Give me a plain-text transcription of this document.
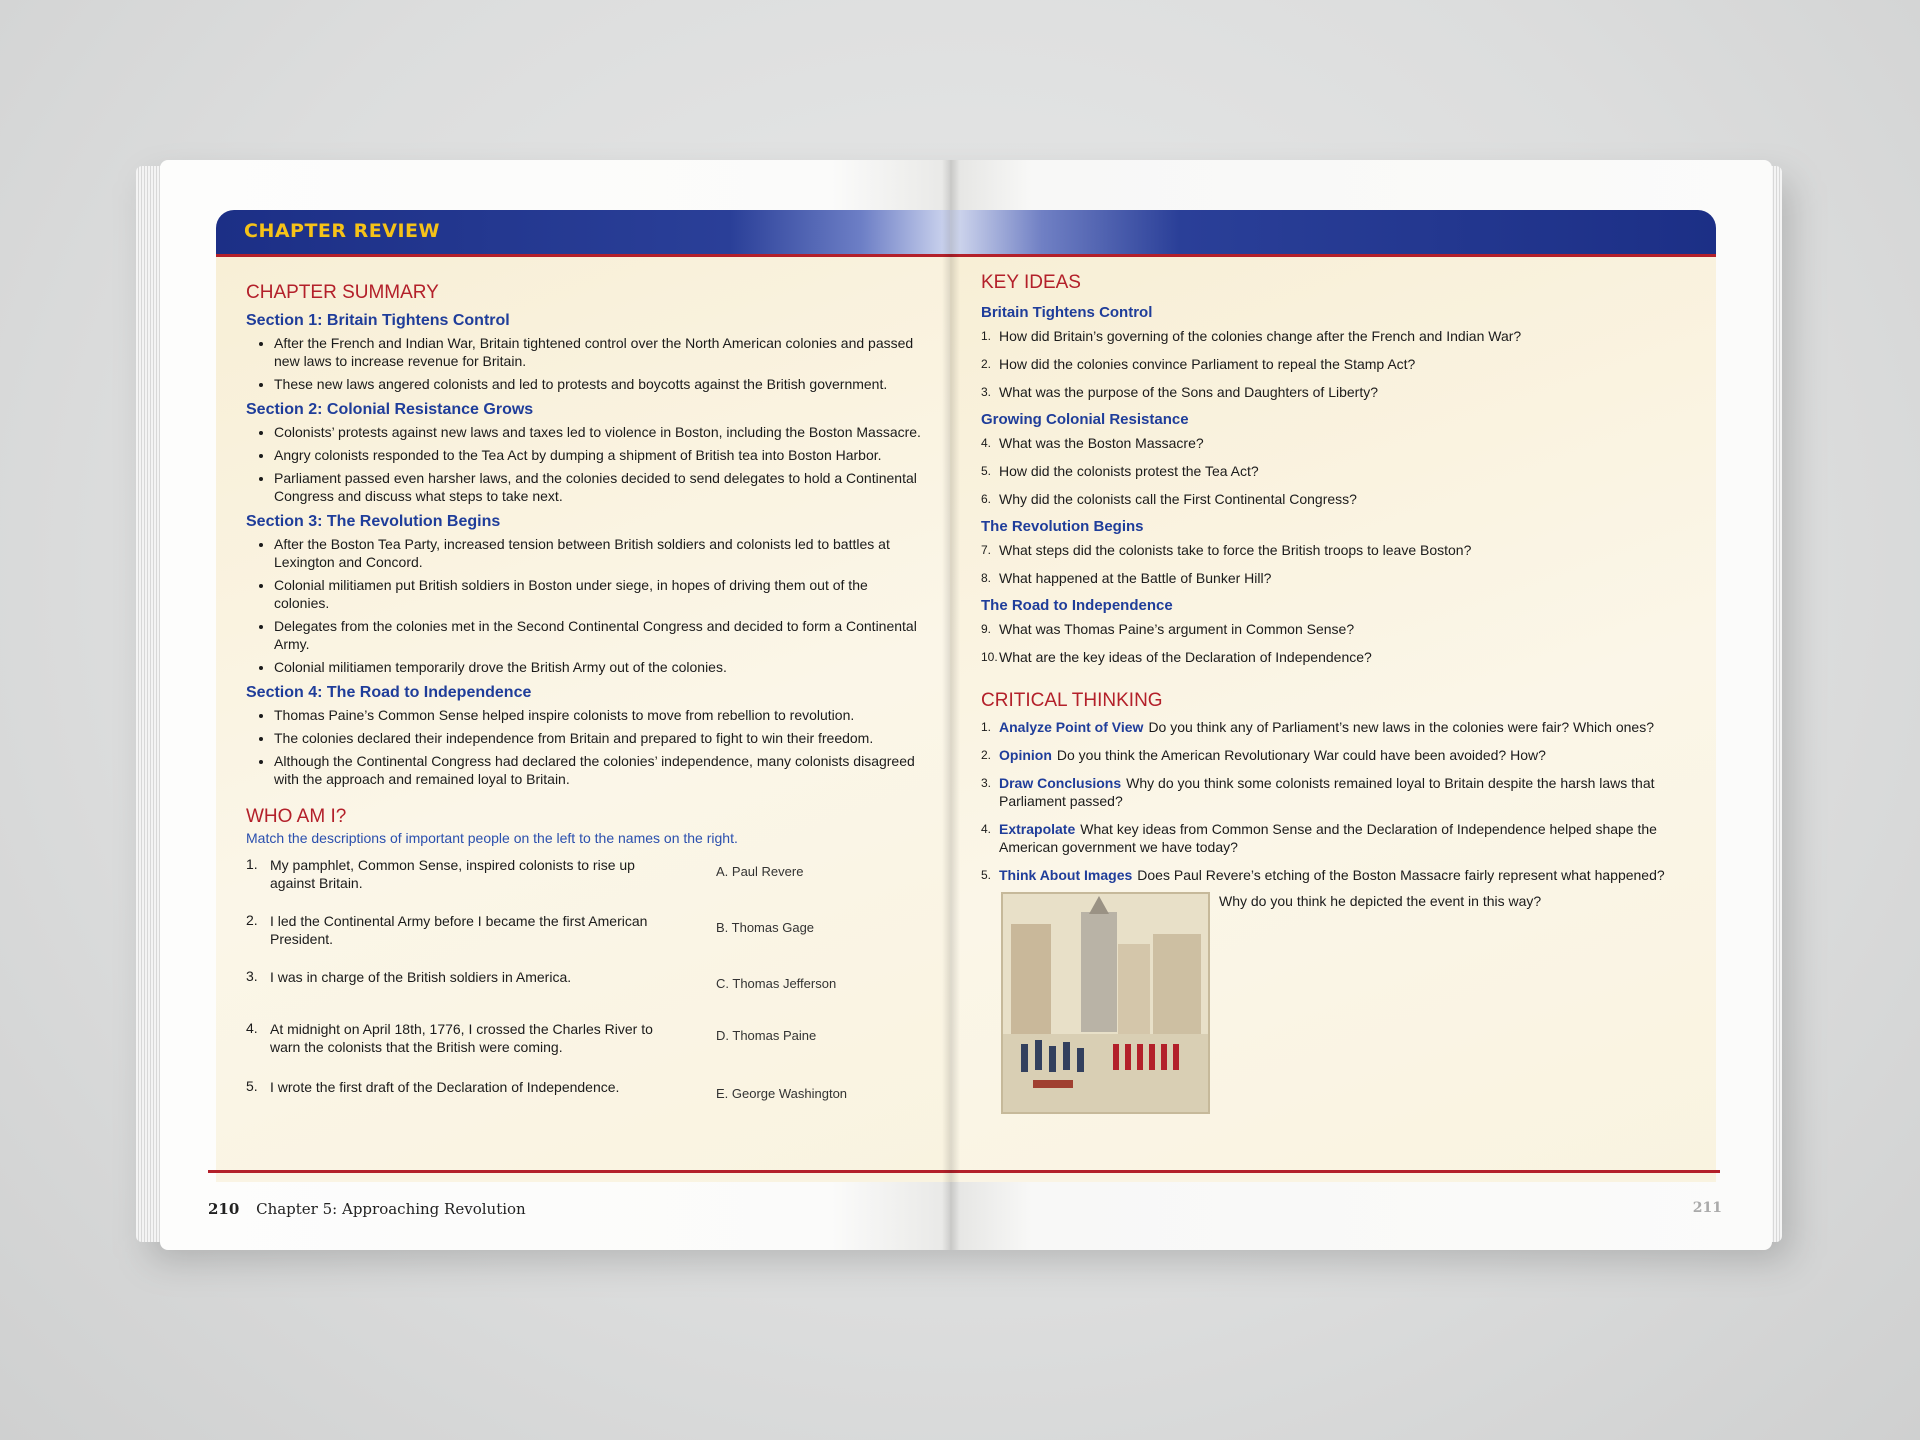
CHAPTER REVIEW
CHAPTER SUMMARY
Section 1: Britain Tightens Control
• After the French and Indian War, Britain tightened control over the North American colonies and passed new laws to increase revenue for Britain.
• These new laws angered colonists and led to protests and boycotts against the British government.
Section 2: Colonial Resistance Grows
• Colonists’ protests against new laws and taxes led to violence in Boston, including the Boston Massacre.
• Angry colonists responded to the Tea Act by dumping a shipment of British tea into Boston Harbor.
• Parliament passed even harsher laws, and the colonies decided to send delegates to hold a Continental Congress and discuss what steps to take next.
Section 3: The Revolution Begins
• After the Boston Tea Party, increased tension between British soldiers and colonists led to battles at Lexington and Concord.
• Colonial militiamen put British soldiers in Boston under siege, in hopes of driving them out of the colonies.
• Delegates from the colonies met in the Second Continental Congress and decided to form a Continental Army.
• Colonial militiamen temporarily drove the British Army out of the colonies.
Section 4: The Road to Independence
• Thomas Paine’s Common Sense helped inspire colonists to move from rebellion to revolution.
• The colonies declared their independence from Britain and prepared to fight to win their freedom.
• Although the Continental Congress had declared the colonies’ independence, many colonists disagreed with the approach and remained loyal to Britain.
WHO AM I?
Match the descriptions of important people on the left to the names on the right.
1. My pamphlet, Common Sense, inspired colonists to rise up against Britain.
A. Paul Revere
2. I led the Continental Army before I became the first American President.
B. Thomas Gage
3. I was in charge of the British soldiers in America.	C. Thomas Jefferson
4. At midnight on April 18th, 1776, I crossed the Charles River to warn the colonists that the British were coming.
D. Thomas Paine
5. I wrote the first draft of the Declaration of Independence.	E. George Washington
210 Chapter 5: Approaching Revolution
KEY IDEAS
Britain Tightens Control
1. How did Britain’s governing of the colonies change after the French and Indian War?
2. How did the colonies convince Parliament to repeal the Stamp Act?
3. What was the purpose of the Sons and Daughters of Liberty?
Growing Colonial Resistance
4. What was the Boston Massacre?
5. How did the colonists protest the Tea Act?
6. Why did the colonists call the First Continental Congress?
The Revolution Begins
7. What steps did the colonists take to force the British troops to leave Boston?
8. What happened at the Battle of Bunker Hill?
The Road to Independence
9. What was Thomas Paine’s argument in Common Sense?
10. What are the key ideas of the Declaration of Independence?
CRITICAL THINKING
1. Analyze Point of View Do you think any of Parliament’s new laws in the colonies were fair? Which ones?
2. Opinion Do you think the American Revolutionary War could have been avoided? How?
3. Draw Conclusions Why do you think some colonists remained loyal to Britain despite the harsh laws that Parliament passed?
4. Extrapolate What key ideas from Common Sense and the Declaration of Independence helped shape the American government we have today?
5. Think About Images Does Paul Revere’s etching of the Boston Massacre fairly represent what happened?
Why do you think he depicted the event in this way?
211
